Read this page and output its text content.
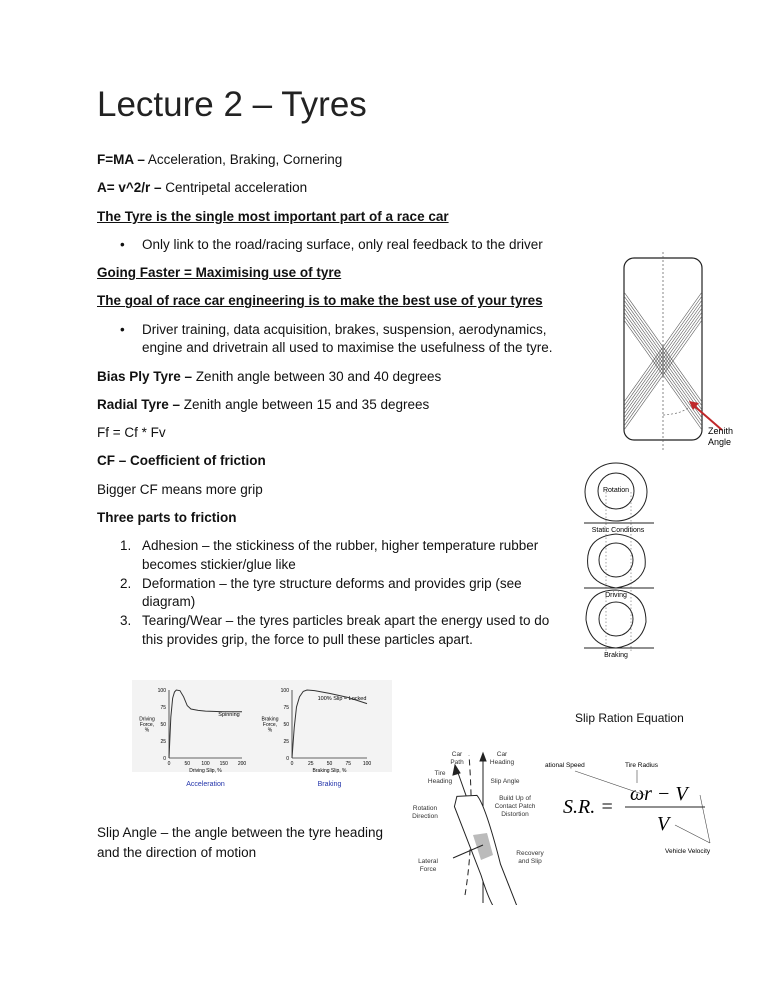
Lecture 2 – Tyres
F=MA – Acceleration, Braking, Cornering
A= v^2/r – Centripetal acceleration
The Tyre is the single most important part of a race car
• Only link to the road/racing surface, only real feedback to the driver
Going Faster = Maximising use of tyre
The goal of race car engineering is to make the best use of your tyres
• Driver training, data acquisition, brakes, suspension, aerodynamics, engine and drivetrain all used to maximise the usefulness of the tyre.
Bias Ply Tyre – Zenith angle between 30 and 40 degrees
Radial Tyre – Zenith angle between 15 and 35 degrees
Ff = Cf * Fv
CF – Coefficient of friction
Bigger CF means more grip
Three parts to friction
1. Adhesion – the stickiness of the rubber, higher temperature rubber becomes stickier/glue like
2. Deformation – the tyre structure deforms and provides grip (see diagram)
3. Tearing/Wear – the tyres particles break apart the energy used to do this provides grip, the force to pull these particles apart.
Slip Ration Equation
Slip Angle – the angle between the tyre heading and the direction of motion
Zenith
Angle
Rotation
Static Conditions
Driving
Braking
0
25
50
75
100
0	50 100 150 200
Driving Slip, %
Driving
Force,
%
Spinning
Acceleration
0
25
50
75
100
0	25	50	75 100
Braking Slip, %
Braking
Force,
%
100% Slip = Locked
Braking
Car
Path
Car
Heading
Tire
Heading	Slip Angle
Rotation
Direction
Build Up of
Contact Patch
Distortion
Lateral
Force
Recovery
and Slip
ational Speed	Tire Radius
S.R. =
ωr − V
V
Vehicle Velocity
